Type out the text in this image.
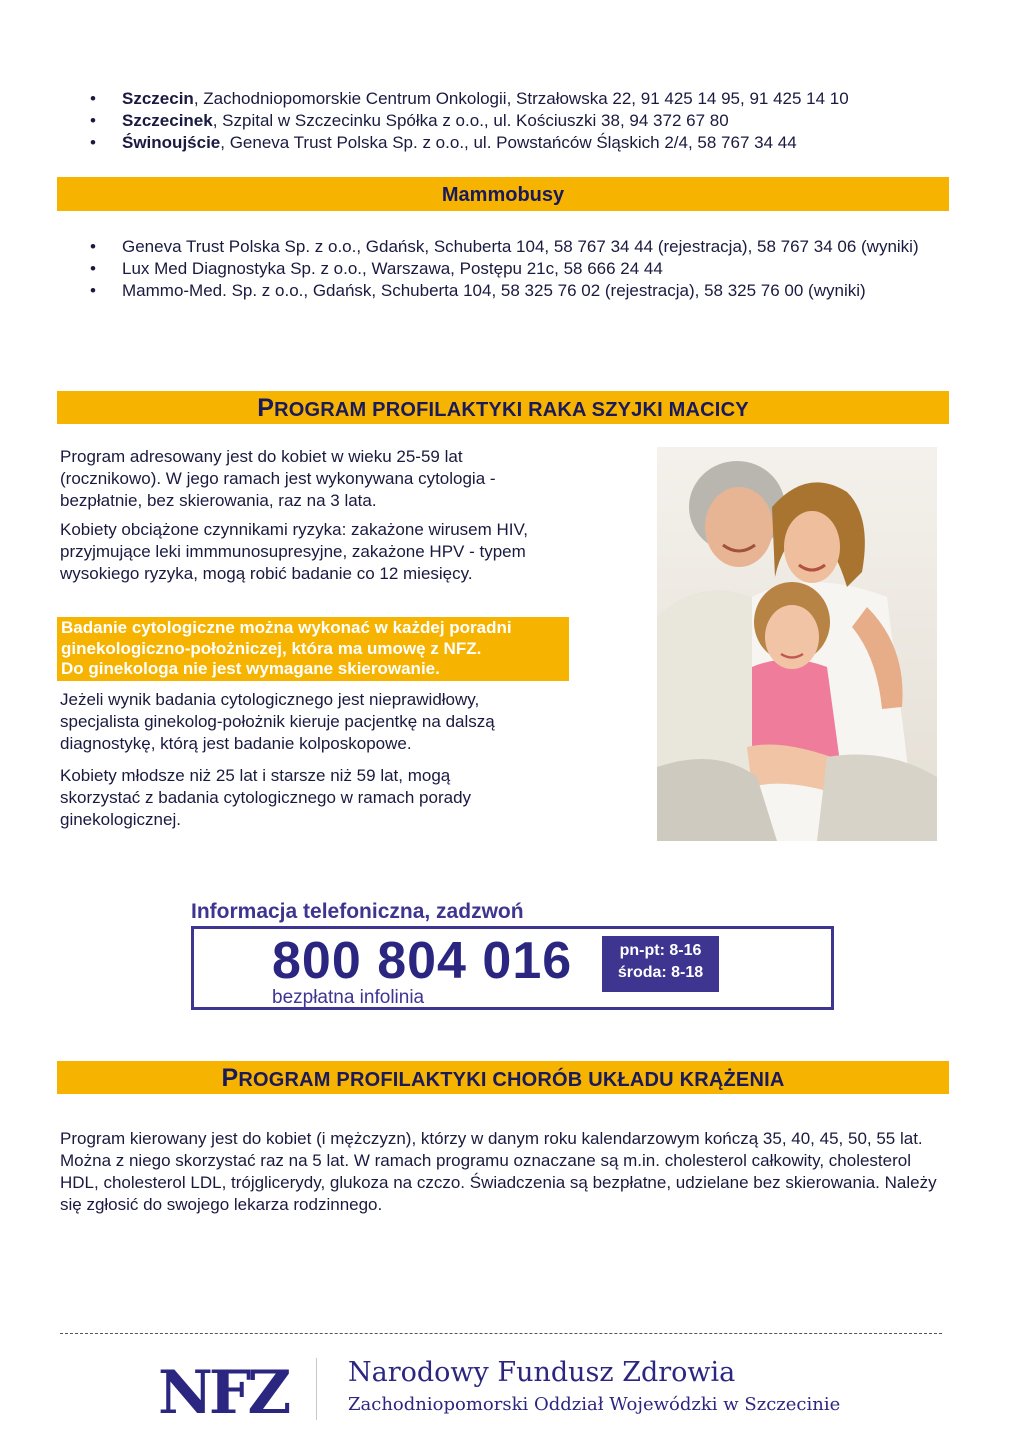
• Szczecin, Zachodniopomorskie Centrum Onkologii, Strzałowska 22, 91 425 14 95, 91 425 14 10
• Szczecinek, Szpital w Szczecinku Spółka z o.o., ul. Kościuszki 38, 94 372 67 80
• Świnoujście, Geneva Trust Polska Sp. z o.o., ul. Powstańców Śląskich 2/4, 58 767 34 44
Mammobusy
• Geneva Trust Polska Sp. z o.o., Gdańsk, Schuberta 104, 58 767 34 44 (rejestracja), 58 767 34 06 (wyniki)
• Lux Med Diagnostyka Sp. z o.o., Warszawa, Postępu 21c, 58 666 24 44
• Mammo-Med. Sp. z o.o., Gdańsk, Schuberta 104, 58 325 76 02 (rejestracja), 58 325 76 00 (wyniki)
PROGRAM PROFILAKTYKI RAKA SZYJKI MACICY

Program adresowany jest do kobiet w wieku 25-59 lat (rocznikowo). W jego ramach jest wykonywana cytologia - bezpłatnie, bez skierowania, raz na 3 lata.

Kobiety obciążone czynnikami ryzyka: zakażone wirusem HIV, przyjmujące leki immmunosupresyjne, zakażone HPV - typem wysokiego ryzyka, mogą robić badanie co 12 miesięcy.

Badanie cytologiczne można wykonać w każdej poradni
ginekologiczno-położniczej, która ma umowę z NFZ.
Do ginekologa nie jest wymagane skierowanie.

Jeżeli wynik badania cytologicznego jest nieprawidłowy, specjalista ginekolog-położnik kieruje pacjentkę na dalszą diagnostykę, którą jest badanie kolposkopowe.

Kobiety młodsze niż 25 lat i starsze niż 59 lat, mogą skorzystać z badania cytologicznego w ramach porady ginekologicznej.

Informacja telefoniczna, zadzwoń
800 804 016
bezpłatna infolinia
pn-pt: 8-16
środa: 8-18
PROGRAM PROFILAKTYKI CHORÓB UKŁADU KRĄŻENIA

Program kierowany jest do kobiet (i mężczyzn), którzy w danym roku kalendarzowym kończą 35, 40, 45, 50, 55 lat. Można z niego skorzystać raz na 5 lat. W ramach programu oznaczane są m.in. cholesterol całkowity, cholesterol HDL, cholesterol LDL, trójglicerydy, glukoza na czczo. Świadczenia są bezpłatne, udzielane bez skierowania. Należy się zgłosić do swojego lekarza rodzinnego.

NFZ Narodowy Fundusz Zdrowia
Zachodniopomorski Oddział Wojewódzki w Szczecinie
